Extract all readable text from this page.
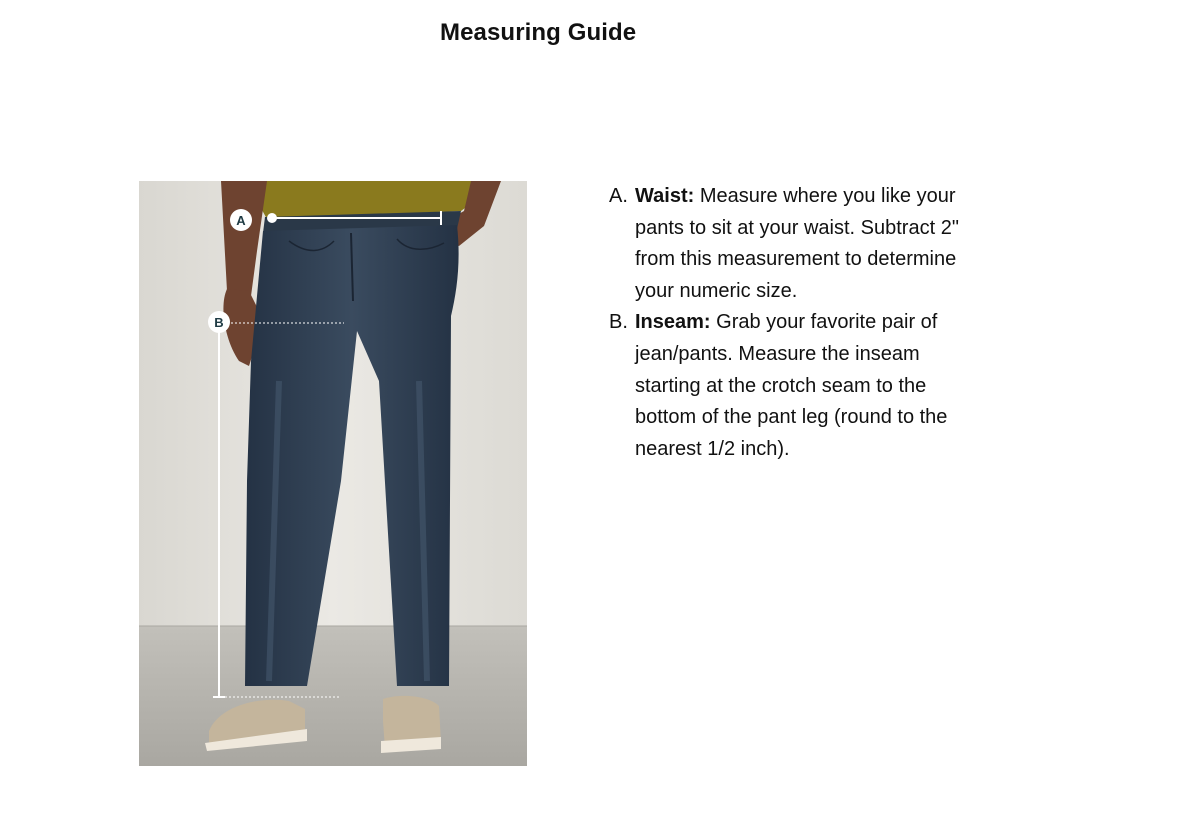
Measuring Guide
A
B
A. Waist: Measure where you like your pants to sit at your waist. Subtract 2" from this measurement to determine your numeric size.
B. Inseam: Grab your favorite pair of jean/pants. Measure the inseam starting at the crotch seam to the bottom of the pant leg (round to the nearest 1/2 inch).
